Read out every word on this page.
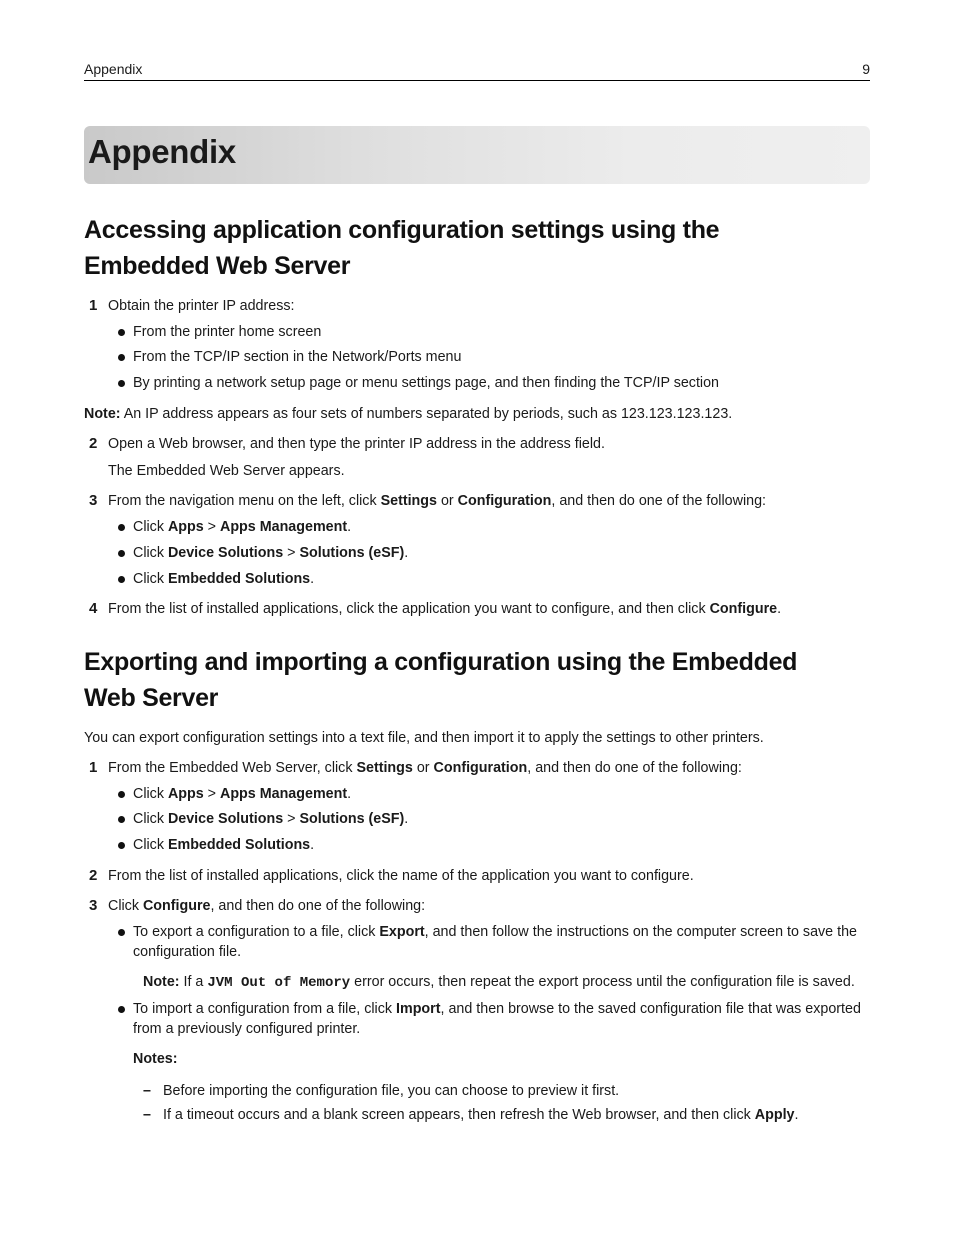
Appendix	9
Appendix
Accessing application configuration settings using the Embedded Web Server
1 Obtain the printer IP address:

From the printer home screen
From the TCP/IP section in the Network/Ports menu
By printing a network setup page or menu settings page, and then finding the TCP/IP section

Note: An IP address appears as four sets of numbers separated by periods, such as 123.123.123.123.

2 Open a Web browser, and then type the printer IP address in the address field.

The Embedded Web Server appears.

3 From the navigation menu on the left, click Settings or Configuration, and then do one of the following:

Click Apps > Apps Management.
Click Device Solutions > Solutions (eSF).
Click Embedded Solutions.
4 From the list of installed applications, click the application you want to configure, and then click Configure.

Exporting and importing a configuration using the Embedded Web Server

You can export configuration settings into a text file, and then import it to apply the settings to other printers.

1 From the Embedded Web Server, click Settings or Configuration, and then do one of the following:

Click Apps > Apps Management.
Click Device Solutions > Solutions (eSF).
Click Embedded Solutions.
2 From the list of installed applications, click the name of the application you want to configure.

3 Click Configure, and then do one of the following:

To export a configuration to a file, click Export, and then follow the instructions on the computer screen to save the configuration file.

Note: If a JVM Out of Memory error occurs, then repeat the export process until the configuration file is saved.

To import a configuration from a file, click Import, and then browse to the saved configuration file that was exported from a previously configured printer.

Notes:

– Before importing the configuration file, you can choose to preview it first.
– If a timeout occurs and a blank screen appears, then refresh the Web browser, and then click Apply.
